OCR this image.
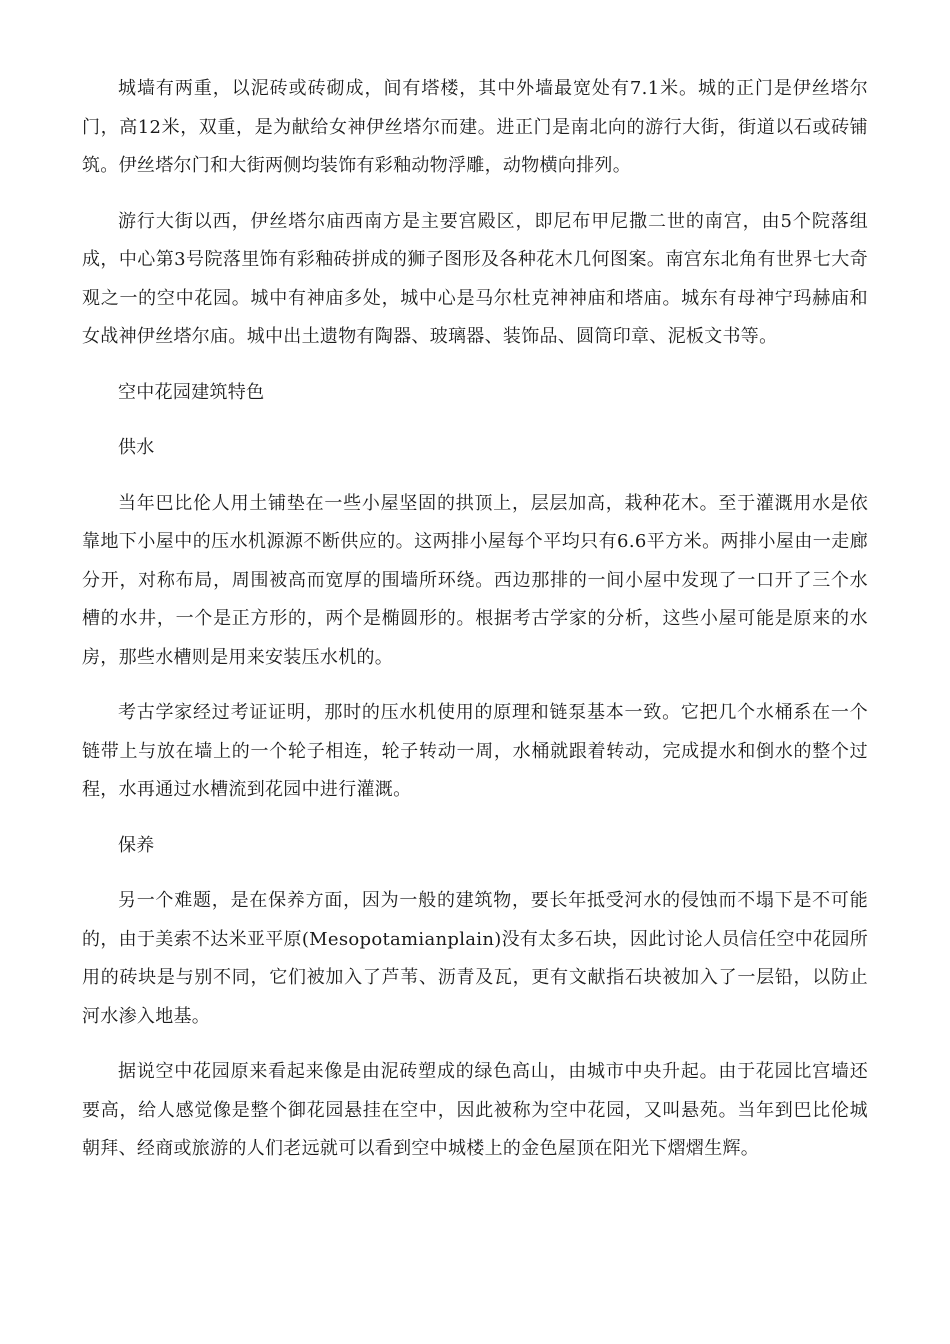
城墙有两重，以泥砖或砖砌成，间有塔楼，其中外墙最宽处有7.1米。城的正门是伊丝塔尔门，高12米，双重，是为献给女神伊丝塔尔而建。进正门是南北向的游行大街，街道以石或砖铺筑。伊丝塔尔门和大街两侧均装饰有彩釉动物浮雕，动物横向排列。

游行大街以西，伊丝塔尔庙西南方是主要宫殿区，即尼布甲尼撒二世的南宫，由5个院落组成，中心第3号院落里饰有彩釉砖拼成的狮子图形及各种花木几何图案。南宫东北角有世界七大奇观之一的空中花园。城中有神庙多处，城中心是马尔杜克神神庙和塔庙。城东有母神宁玛赫庙和女战神伊丝塔尔庙。城中出土遗物有陶器、玻璃器、装饰品、圆筒印章、泥板文书等。

空中花园建筑特色

供水

当年巴比伦人用土铺垫在一些小屋坚固的拱顶上，层层加高，栽种花木。至于灌溉用水是依靠地下小屋中的压水机源源不断供应的。这两排小屋每个平均只有6.6平方米。两排小屋由一走廊分开，对称布局，周围被高而宽厚的围墙所环绕。西边那排的一间小屋中发现了一口开了三个水槽的水井，一个是正方形的，两个是椭圆形的。根据考古学家的分析，这些小屋可能是原来的水房，那些水槽则是用来安装压水机的。

考古学家经过考证证明，那时的压水机使用的原理和链泵基本一致。它把几个水桶系在一个链带上与放在墙上的一个轮子相连，轮子转动一周，水桶就跟着转动，完成提水和倒水的整个过程，水再通过水槽流到花园中进行灌溉。

保养

另一个难题，是在保养方面，因为一般的建筑物，要长年抵受河水的侵蚀而不塌下是不可能的，由于美索不达米亚平原(Mesopotamianplain)没有太多石块，因此讨论人员信任空中花园所用的砖块是与别不同，它们被加入了芦苇、沥青及瓦，更有文献指石块被加入了一层铅，以防止河水渗入地基。

据说空中花园原来看起来像是由泥砖塑成的绿色高山，由城市中央升起。由于花园比宫墙还要高，给人感觉像是整个御花园悬挂在空中，因此被称为空中花园，又叫悬苑。当年到巴比伦城朝拜、经商或旅游的人们老远就可以看到空中城楼上的金色屋顶在阳光下熠熠生辉。
